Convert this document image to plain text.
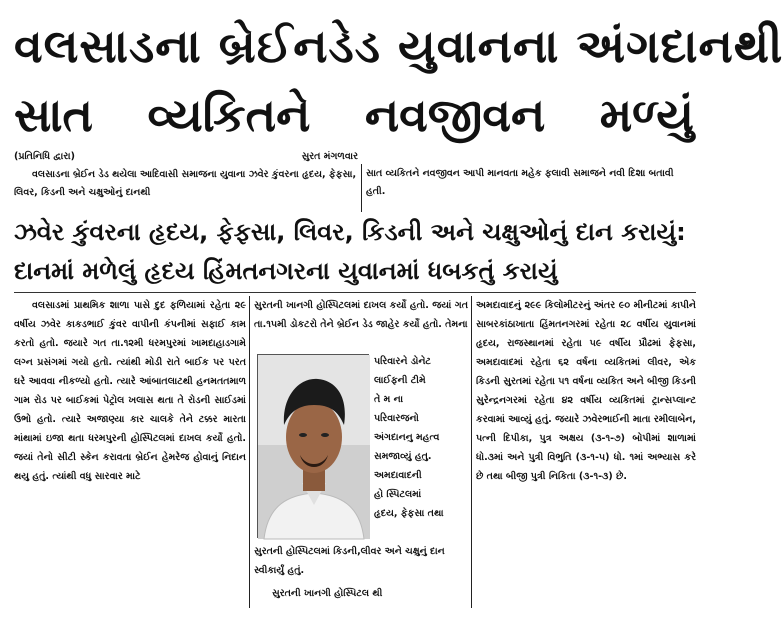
વલસાડના બ્રેઈનડેડ યુવાનના અંગદાનથી
સાત વ્યકિતને નવજીવન મળ્યું
(પ્રતિનિધિ દ્વારા)	સુરત મંગળવાર
વલસાડના બ્રેઈન ડેડ થયેલા આદિવાસી સમાજના યુવાના ઝવેર કુંવરના હૃદય, ફેફસા, લિવર, કિડની અને ચક્ષુઓનું દાનથી
સાત વ્યકિતને નવજીવન આપી માનવતા મહેક ફલાવી સમાજને નવી દિશા બતાવી હતી.
ઝવેર કુંવરના હૃદય, ફેફસા, લિવર, કિડની અને ચક્ષુઓનું દાન કરાયું:
દાનમાં મળેલું હૃદય હિંમતનગરના યુવાનમાં ધબકતું કરાયું

વલસાડમાં પ્રાથમિક શાળા પાસે દુદ ફળિયામાં રહેતા ૨૯ વર્ષીય ઝવેર કાકડભાઈ કુંવર વાપીની કંપનીમાં સફાઈ કામ કરતો હતો. જયારે ગત તા.૧૨મી ધરમપુરમાં ખામદાહાડગામે લગ્ન પ્રસંગમાં ગયો હતો. ત્યાંથી મોડી રાતે બાઈક પર પરત ઘરે આવવા નીકળ્યો હતો. ત્યારે આંબાતલાટથી હનમતતમાળ ગામ રોડ પર બાઈકમાં પેટ્રોલ ખલાસ થતા તે રોડની સાઈડમાં ઉભો હતો. ત્યારે અજાણ્યા કાર ચાલકે તેને ટક્કર મારતા માંથામાં ઇજા થતા ધરમપુરની હોસ્પિટલમાં દાખલ કર્યો હતો. જયાં તેનો સીટી સ્કેન કરાવતા બ્રેઈન હેમરેજ હોવાનું નિદાન થયુ હતું. ત્યાંથી વધુ સારવાર માટે

સુરતની ખાનગી હોસ્પિટલમાં દાખલ કર્યો હતો. જયાં ગત તા.૧૫મી ડોકટરો તેને બ્રેઈન ડેડ જાહેર કર્યો હતો. તેમના

પરિવારને ડોનેટ
લાઈફની ટીમે
તે મ ના
પરિવારજનો
અંગદાનનુ મહત્વ
સમજાવ્યું હતુ.
અમદાવાદની
હો સ્પિટલમાં
હૃદય, ફેફસા તથા
સુરતની હોસ્પિટલમાં કિડની,લીવર અને ચક્ષુનું દાન સ્વીકાર્યું હતું.
સુરતની ખાનગી હોસ્પિટલ થી

અમદાવાદનું ૨૯૯ કિલોમીટરનું અંતર ૯૦ મીનીટમાં કાપીને સાબરકાંઠાખાતા હિંમતનગરમાં રહેતા ૨૮ વર્ષીય યુવાનમાં હૃદય, રાજસ્થાનમાં રહેતા ૫૯ વર્ષીય પ્રૌઢમાં ફેફસા, અમદાવાદમાં રહેતા ૬૨ વર્ષના વ્યકિતમાં લીવર, એક કિડની સુરતમાં રહેતા ૫૧ વર્ષના વ્યકિત અને બીજી કિડની સુરેન્દ્રનગરમાં રહેતા ૪૨ વર્ષીય વ્યકિતમાં ટ્રાન્સપ્લાન્ટ કરવામાં આવ્યું હતું. જયારે ઝવેરભાઈની માતા રમીલાબેન, પત્ની દિપીકા, પુત્ર અક્ષય (૩-૧-૭) બોપીમાં શાળામાં ધો.૩માં અને પુત્રી વિભુતિ (૩-૧-૫) ધો. ૧માં અભ્યાસ કરે છે તથા બીજી પુત્રી નિકિતા (૩-૧-૩) છે.
